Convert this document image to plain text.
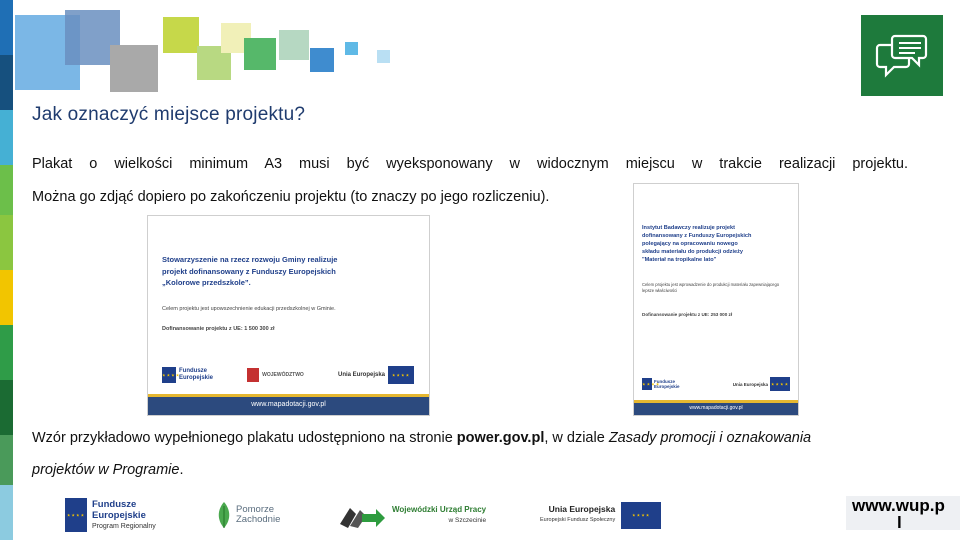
Jak oznaczyć miejsce projektu?
Plakat o wielkości minimum A3 musi być wyeksponowany w widocznym miejscu w trakcie realizacji projektu.
Można go zdjąć dopiero po zakończeniu projektu (to znaczy po jego rozliczeniu).
Stowarzyszenie na rzecz rozwoju Gminy realizuje
projekt dofinansowany z Funduszy Europejskich
„Kolorowe przedszkole”.
Celem projektu jest upowszechnienie edukacji przedszkolnej w Gminie.
Dofinansowanie projektu z UE: 1 500 300 zł
★★★★
Fundusze Europejskie
WOJEWÓDZTWO	Unia Europejska
★★★★
www.mapadotacji.gov.pl
Instytut Badawczy realizuje projekt
dofinansowany z Funduszy Europejskich
polegający na opracowaniu nowego
składu materiału do produkcji odzieży
"Materiał na tropikalne lato"
Celem projektu jest wprowadzenie do produkcji materiału zapewniającego lepsze właściwości
Dofinansowanie projektu z UE: 253 000 zł
★★★★
Fundusze Europejskie	Unia Europejska
★★★★
www.mapadotacji.gov.pl
Wzór przykładowo wypełnionego plakatu udostępniono na stronie power.gov.pl, w dziale Zasady promocji i oznakowania
projektów w Programie.
★★★★
Fundusze
Europejskie
Program Regionalny
Pomorze
Zachodnie
Wojewódzki Urząd Pracy
w Szczecinie
Unia Europejska
Europejski Fundusz Społeczny
★★★★
www.wup.p
l
